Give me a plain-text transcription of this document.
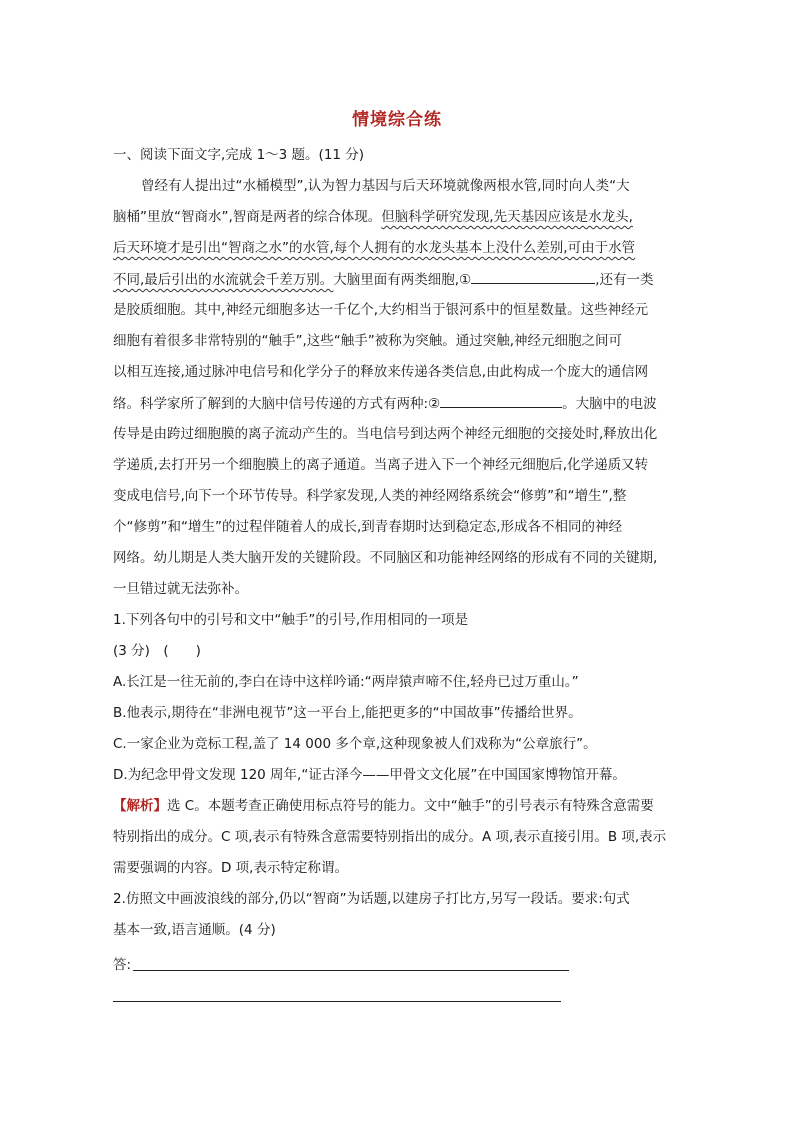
情境综合练
一、阅读下面文字,完成 1～3 题。(11 分)
曾经有人提出过“水桶模型”,认为智力基因与后天环境就像两根水管,同时向人类“大
脑桶”里放“智商水”,智商是两者的综合体现。但脑科学研究发现,先天基因应该是水龙头,
后天环境才是引出“智商之水”的水管,每个人拥有的水龙头基本上没什么差别,可由于水管
不同,最后引出的水流就会千差万别。大脑里面有两类细胞,①	,还有一类
是胶质细胞。其中,神经元细胞多达一千亿个,大约相当于银河系中的恒星数量。这些神经元
细胞有着很多非常特别的“触手”,这些“触手”被称为突触。通过突触,神经元细胞之间可
以相互连接,通过脉冲电信号和化学分子的释放来传递各类信息,由此构成一个庞大的通信网
络。科学家所了解到的大脑中信号传递的方式有两种:②	。大脑中的电波
传导是由跨过细胞膜的离子流动产生的。当电信号到达两个神经元细胞的交接处时,释放出化
学递质,去打开另一个细胞膜上的离子通道。当离子进入下一个神经元细胞后,化学递质又转
变成电信号,向下一个环节传导。科学家发现,人类的神经网络系统会“修剪”和“增生”,整
个“修剪”和“增生”的过程伴随着人的成长,到青春期时达到稳定态,形成各不相同的神经
网络。幼儿期是人类大脑开发的关键阶段。不同脑区和功能神经网络的形成有不同的关键期,
一旦错过就无法弥补。
1.下列各句中的引号和文中“触手”的引号,作用相同的一项是
(3 分)　(　　)
A.长江是一往无前的,李白在诗中这样吟诵:“两岸猿声啼不住,轻舟已过万重山。”
B.他表示,期待在“非洲电视节”这一平台上,能把更多的“中国故事”传播给世界。
C.一家企业为竞标工程,盖了 14 000 多个章,这种现象被人们戏称为“公章旅行”。
D.为纪念甲骨文发现 120 周年,“证古泽今——甲骨文文化展”在中国国家博物馆开幕。
【解析】选 C。本题考查正确使用标点符号的能力。文中“触手”的引号表示有特殊含意需要
特别指出的成分。C 项,表示有特殊含意需要特别指出的成分。A 项,表示直接引用。B 项,表示
需要强调的内容。D 项,表示特定称谓。
2.仿照文中画波浪线的部分,仍以“智商”为话题,以建房子打比方,另写一段话。要求:句式
基本一致,语言通顺。(4 分)
答:
